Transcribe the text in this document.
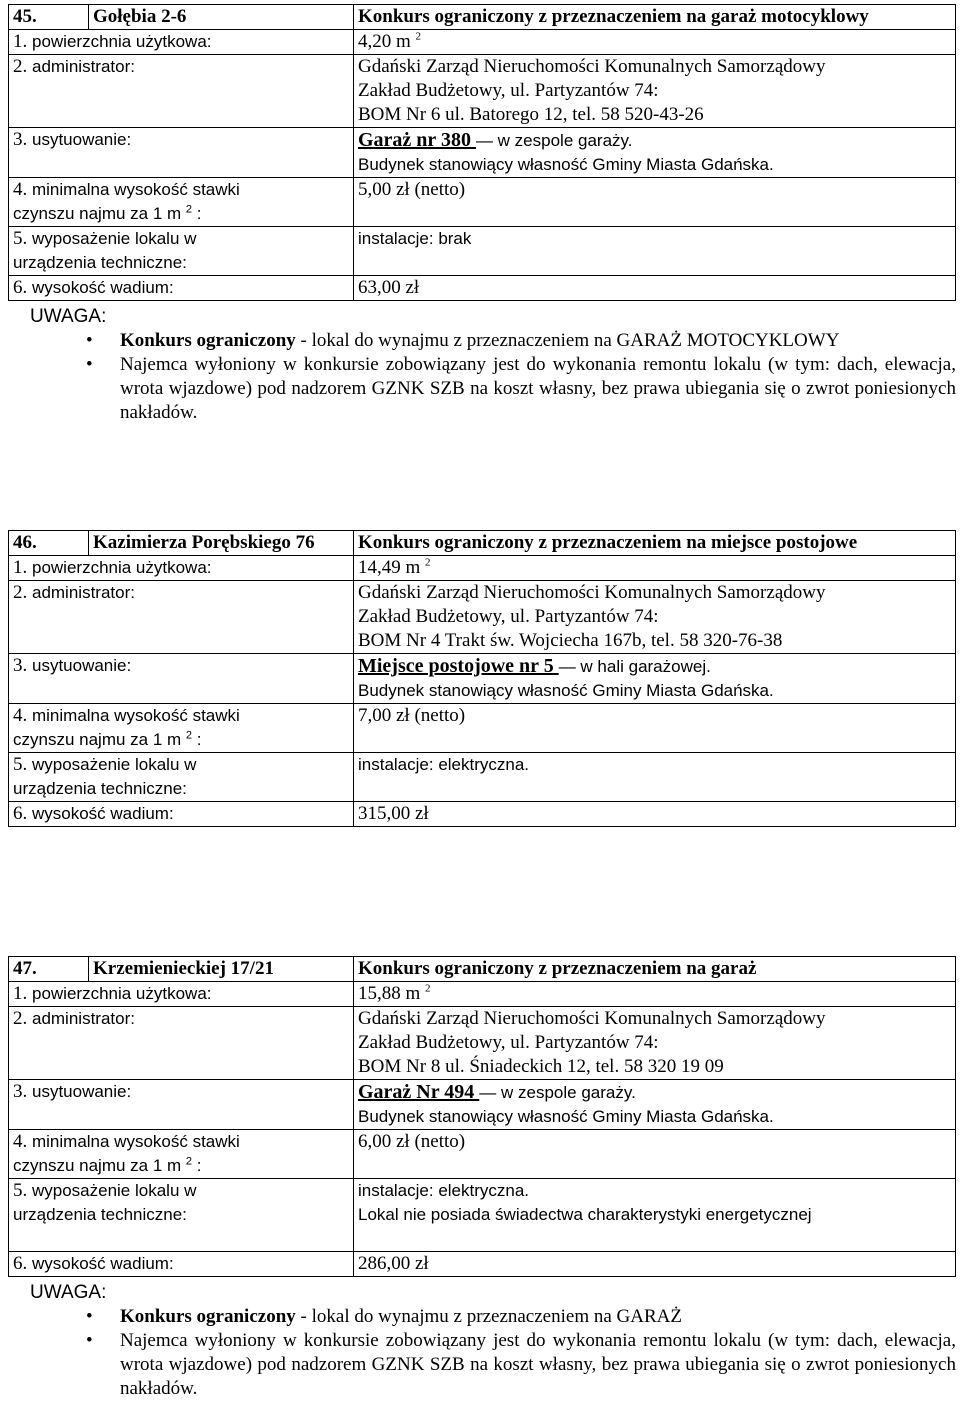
45.	Gołębia 2-6	Konkurs ograniczony z przeznaczeniem na garaż motocyklowy
1. powierzchnia użytkowa:		4,20 m $^2$
2. administrator:		Gdański Zarząd Nieruchomości Komunalnych Samorządowy
Zakład Budżetowy, ul. Partyzantów 74:
BOM Nr 6 ul. Batorego 12, tel. 58 520-43-26

3. usytuowanie:		Garaż nr 380 — w zespole garaży.
Budynek stanowiący własność Gminy Miasta Gdańska.

4. minimalna wysokość stawki
czynszu najmu za 1 m $^2$ :		5,00 zł (netto)
5. wyposażenie lokalu w
urządzenia techniczne:		instalacje: brak
6. wysokość wadium:		63,00 zł
UWAGA:
• Konkurs ograniczony - lokal do wynajmu z przeznaczeniem na GARAŻ MOTOCYKLOWY
• Najemca wyłoniony w konkursie zobowiązany jest do wykonania remontu lokalu (w tym: dach, elewacja, wrota wjazdowe) pod nadzorem GZNK SZB na koszt własny, bez prawa ubiegania się o zwrot poniesionych nakładów.
46.	Kazimierza Porębskiego 76	Konkurs ograniczony z przeznaczeniem na miejsce postojowe
1. powierzchnia użytkowa:		14,49 m $^2$
2. administrator:		Gdański Zarząd Nieruchomości Komunalnych Samorządowy
Zakład Budżetowy, ul. Partyzantów 74:
BOM Nr 4 Trakt św. Wojciecha 167b, tel. 58 320-76-38

3. usytuowanie:		Miejsce postojowe nr 5 — w hali garażowej.
Budynek stanowiący własność Gminy Miasta Gdańska.

4. minimalna wysokość stawki
czynszu najmu za 1 m $^2$ :		7,00 zł (netto)
5. wyposażenie lokalu w
urządzenia techniczne:		instalacje: elektryczna.
6. wysokość wadium:		315,00 zł
47.	Krzemienieckiej 17/21	Konkurs ograniczony z przeznaczeniem na garaż
1. powierzchnia użytkowa:		15,88 m $^2$
2. administrator:		Gdański Zarząd Nieruchomości Komunalnych Samorządowy
Zakład Budżetowy, ul. Partyzantów 74:
BOM Nr 8 ul. Śniadeckich 12, tel. 58 320 19 09

3. usytuowanie:		Garaż Nr 494 — w zespole garaży.
Budynek stanowiący własność Gminy Miasta Gdańska.

4. minimalna wysokość stawki
czynszu najmu za 1 m $^2$ :		6,00 zł (netto)
5. wyposażenie lokalu w
urządzenia techniczne:		instalacje: elektryczna.
Lokal nie posiada świadectwa charakterystyki energetycznej

6. wysokość wadium:		286,00 zł
UWAGA:
• Konkurs ograniczony - lokal do wynajmu z przeznaczeniem na GARAŻ
• Najemca wyłoniony w konkursie zobowiązany jest do wykonania remontu lokalu (w tym: dach, elewacja, wrota wjazdowe) pod nadzorem GZNK SZB na koszt własny, bez prawa ubiegania się o zwrot poniesionych nakładów.
